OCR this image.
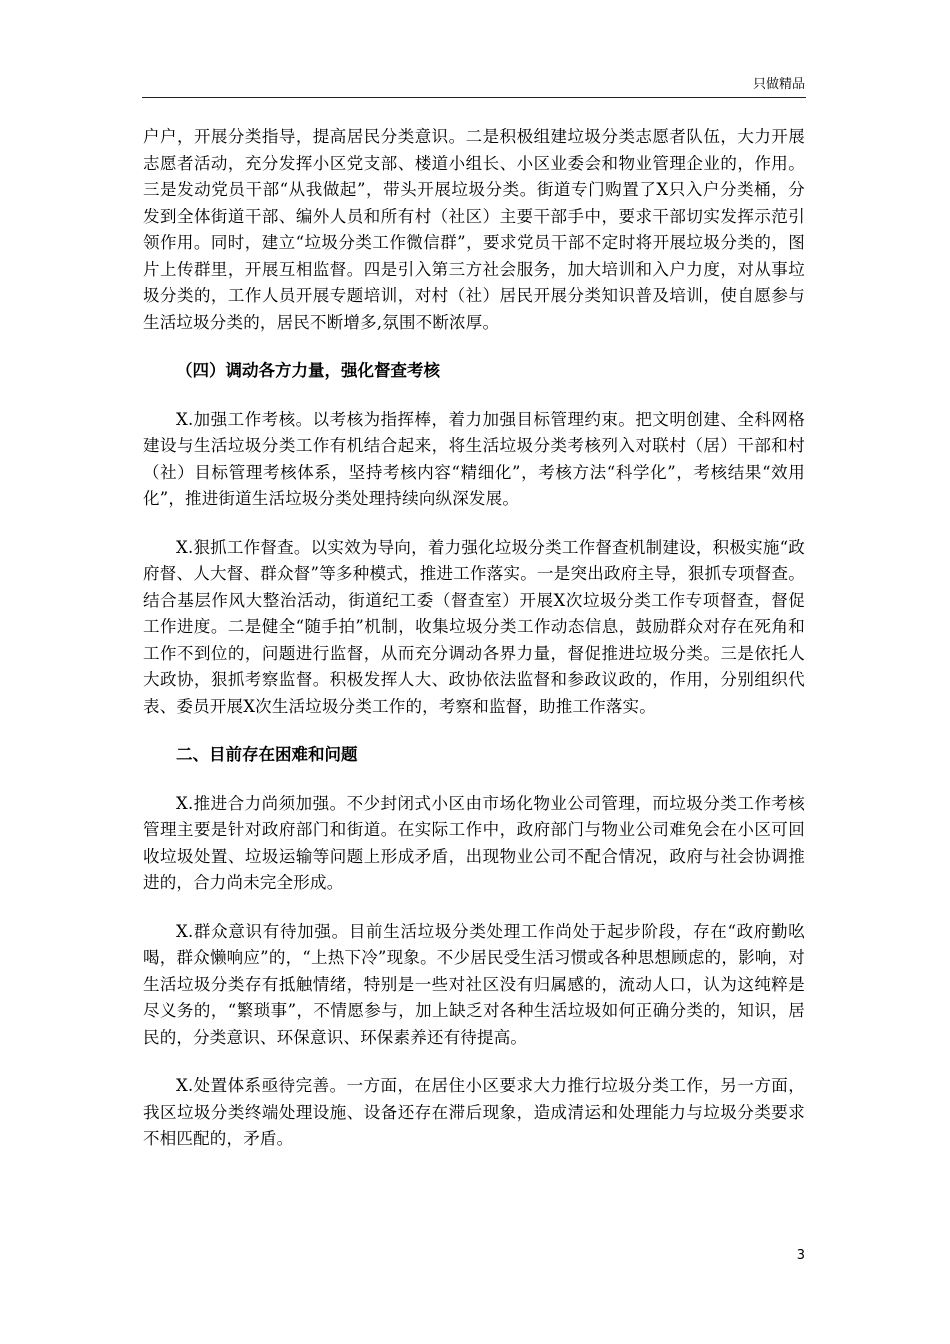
只做精品

户户，开展分类指导，提高居民分类意识。二是积极组建垃圾分类志愿者队伍，大力开展志愿者活动，充分发挥小区党支部、楼道小组长、小区业委会和物业管理企业的，作用。三是发动党员干部“从我做起”，带头开展垃圾分类。街道专门购置了X只入户分类桶，分发到全体街道干部、编外人员和所有村（社区）主要干部手中，要求干部切实发挥示范引领作用。同时，建立“垃圾分类工作微信群”，要求党员干部不定时将开展垃圾分类的，图片上传群里，开展互相监督。四是引入第三方社会服务，加大培训和入户力度，对从事垃圾分类的，工作人员开展专题培训，对村（社）居民开展分类知识普及培训，使自愿参与生活垃圾分类的，居民不断增多,氛围不断浓厚。

（四）调动各方力量，强化督查考核

X.加强工作考核。以考核为指挥棒，着力加强目标管理约束。把文明创建、全科网格建设与生活垃圾分类工作有机结合起来，将生活垃圾分类考核列入对联村（居）干部和村（社）目标管理考核体系，坚持考核内容“精细化”，考核方法“科学化”，考核结果“效用化”，推进街道生活垃圾分类处理持续向纵深发展。

X.狠抓工作督查。以实效为导向，着力强化垃圾分类工作督查机制建设，积极实施“政府督、人大督、群众督”等多种模式，推进工作落实。一是突出政府主导，狠抓专项督查。结合基层作风大整治活动，街道纪工委（督查室）开展X次垃圾分类工作专项督查，督促工作进度。二是健全“随手拍”机制，收集垃圾分类工作动态信息，鼓励群众对存在死角和工作不到位的，问题进行监督，从而充分调动各界力量，督促推进垃圾分类。三是依托人大政协，狠抓考察监督。积极发挥人大、政协依法监督和参政议政的，作用，分别组织代表、委员开展X次生活垃圾分类工作的，考察和监督，助推工作落实。

二、目前存在困难和问题

X.推进合力尚须加强。不少封闭式小区由市场化物业公司管理，而垃圾分类工作考核管理主要是针对政府部门和街道。在实际工作中，政府部门与物业公司难免会在小区可回收垃圾处置、垃圾运输等问题上形成矛盾，出现物业公司不配合情况，政府与社会协调推进的，合力尚未完全形成。

X.群众意识有待加强。目前生活垃圾分类处理工作尚处于起步阶段，存在“政府勤吆喝，群众懒响应”的，“上热下冷”现象。不少居民受生活习惯或各种思想顾虑的，影响，对生活垃圾分类存有抵触情绪，特别是一些对社区没有归属感的，流动人口，认为这纯粹是尽义务的，“繁琐事”，不情愿参与，加上缺乏对各种生活垃圾如何正确分类的，知识，居民的，分类意识、环保意识、环保素养还有待提高。

X.处置体系亟待完善。一方面，在居住小区要求大力推行垃圾分类工作，另一方面，我区垃圾分类终端处理设施、设备还存在滞后现象，造成清运和处理能力与垃圾分类要求不相匹配的，矛盾。

3
